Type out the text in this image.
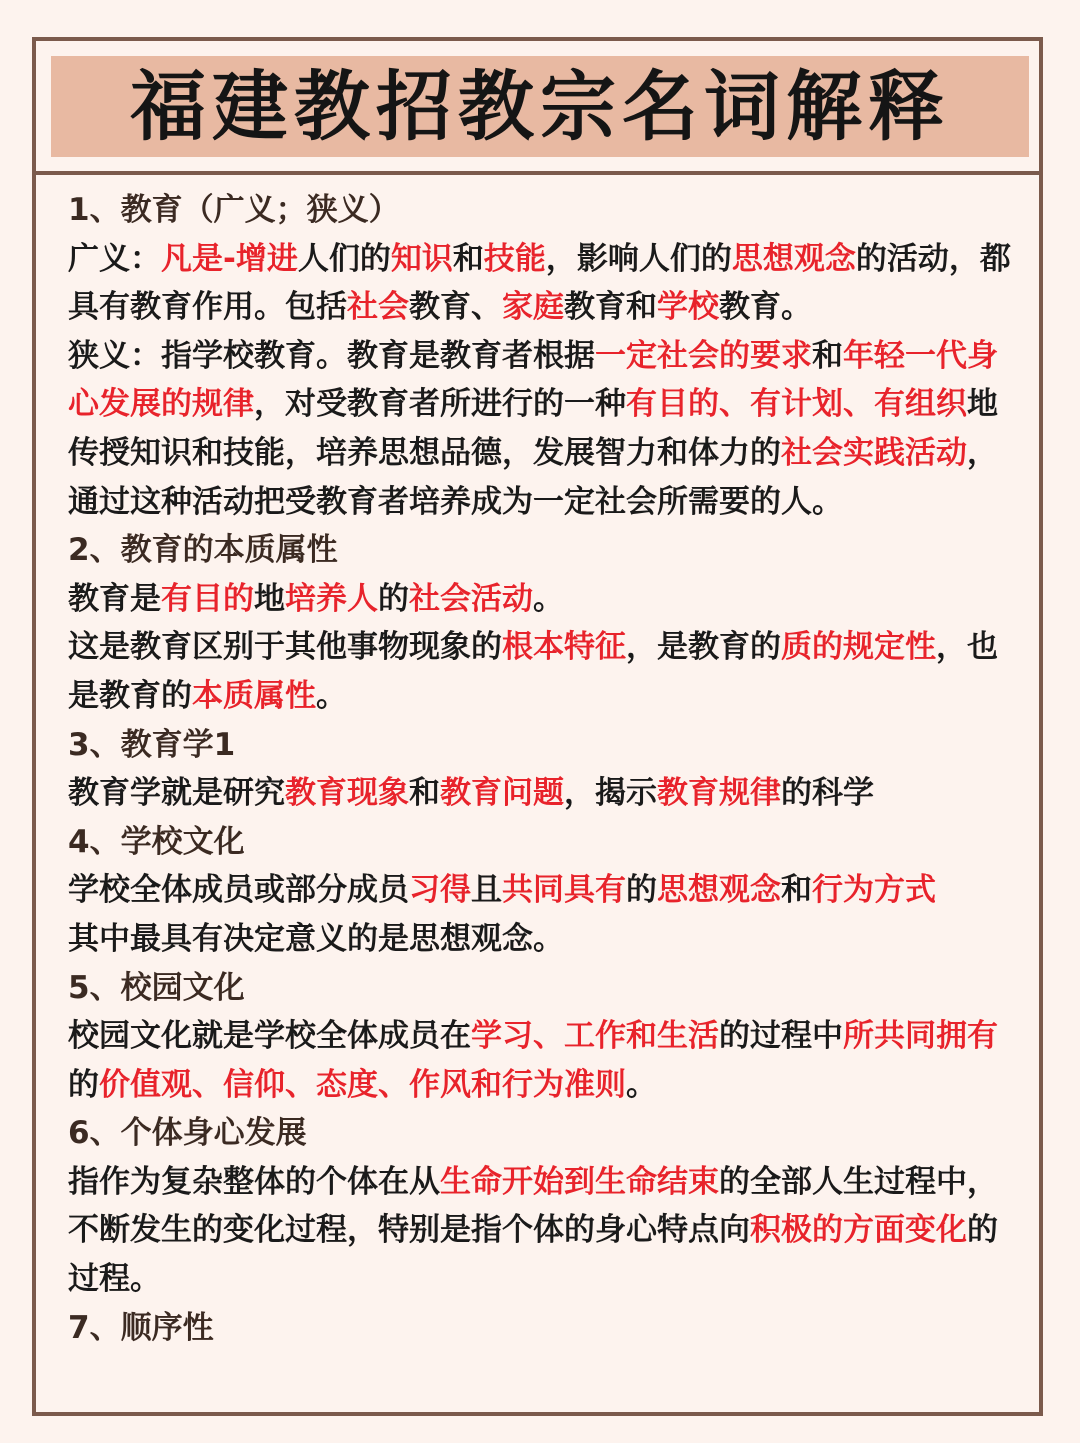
福建教招教宗名词解释

1、教育（广义；狭义）

广义：凡是-增进人们的知识和技能，影响人们的思想观念的活动，都具有教育作用。包括社会教育、家庭教育和学校教育。

狭义：指学校教育。教育是教育者根据一定社会的要求和年轻一代身心发展的规律，对受教育者所进行的一种有目的、有计划、有组织地传授知识和技能，培养思想品德，发展智力和体力的社会实践活动，通过这种活动把受教育者培养成为一定社会所需要的人。

2、教育的本质属性

教育是有目的地培养人的社会活动。

这是教育区别于其他事物现象的根本特征，是教育的质的规定性，也是教育的本质属性。

3、教育学1

教育学就是研究教育现象和教育问题，揭示教育规律的科学

4、学校文化

学校全体成员或部分成员习得且共同具有的思想观念和行为方式

其中最具有决定意义的是思想观念。

5、校园文化

校园文化就是学校全体成员在学习、工作和生活的过程中所共同拥有的价值观、信仰、态度、作风和行为准则。

6、个体身心发展

指作为复杂整体的个体在从生命开始到生命结束的全部人生过程中，不断发生的变化过程，特别是指个体的身心特点向积极的方面变化的过程。

7、顺序性
